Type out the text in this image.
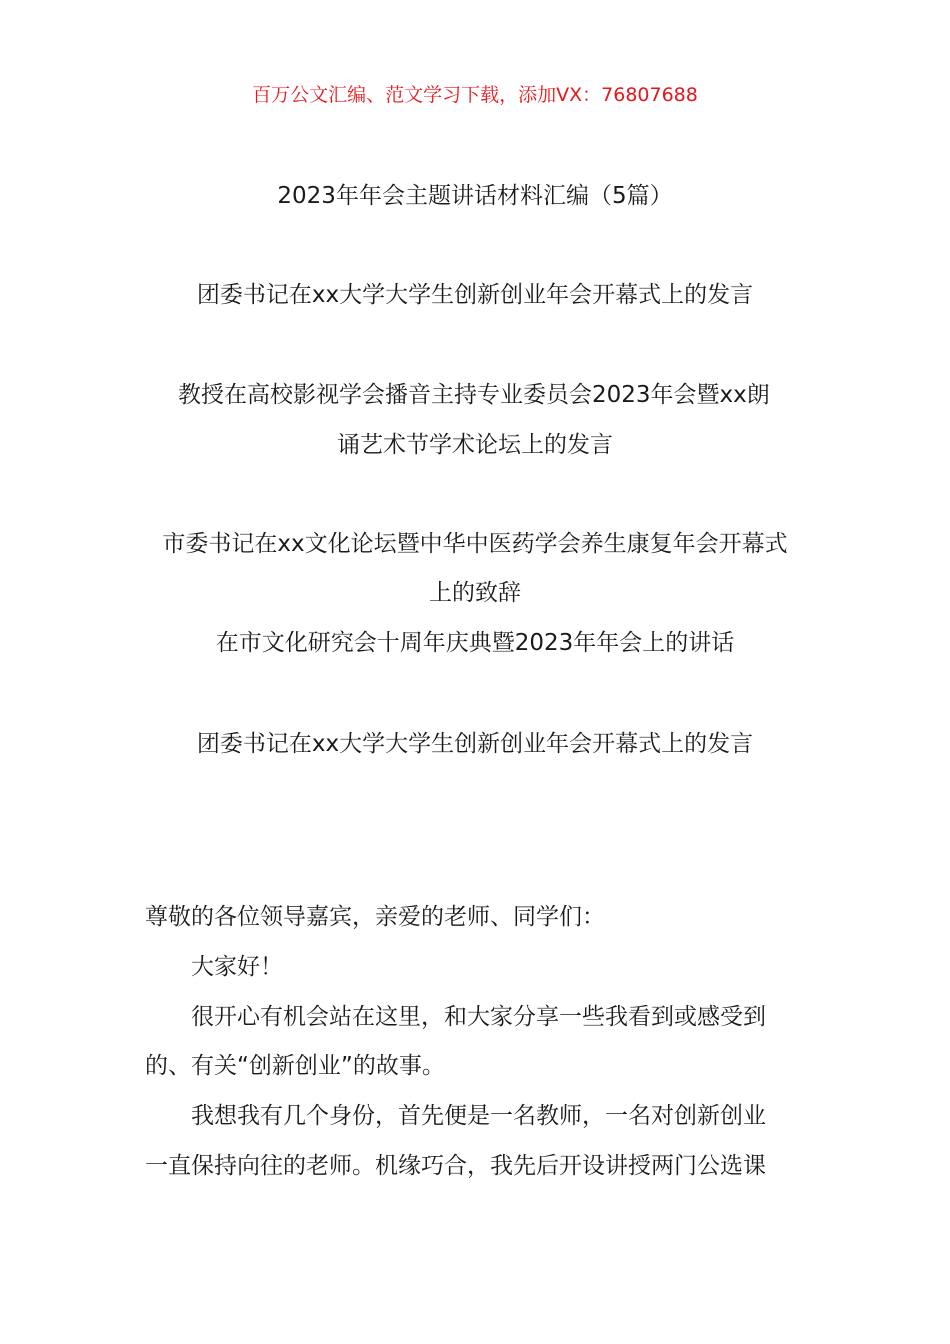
百万公文汇编、范文学习下载，添加VX：76807688
2023年年会主题讲话材料汇编（5篇）
团委书记在xx大学大学生创新创业年会开幕式上的发言
教授在高校影视学会播音主持专业委员会2023年会暨xx朗
诵艺术节学术论坛上的发言
市委书记在xx文化论坛暨中华中医药学会养生康复年会开幕式
上的致辞
在市文化研究会十周年庆典暨2023年年会上的讲话
团委书记在xx大学大学生创新创业年会开幕式上的发言
尊敬的各位领导嘉宾，亲爱的老师、同学们：
大家好！
很开心有机会站在这里，和大家分享一些我看到或感受到
的、有关“创新创业”的故事。
我想我有几个身份，首先便是一名教师，一名对创新创业
一直保持向往的老师。机缘巧合，我先后开设讲授两门公选课
